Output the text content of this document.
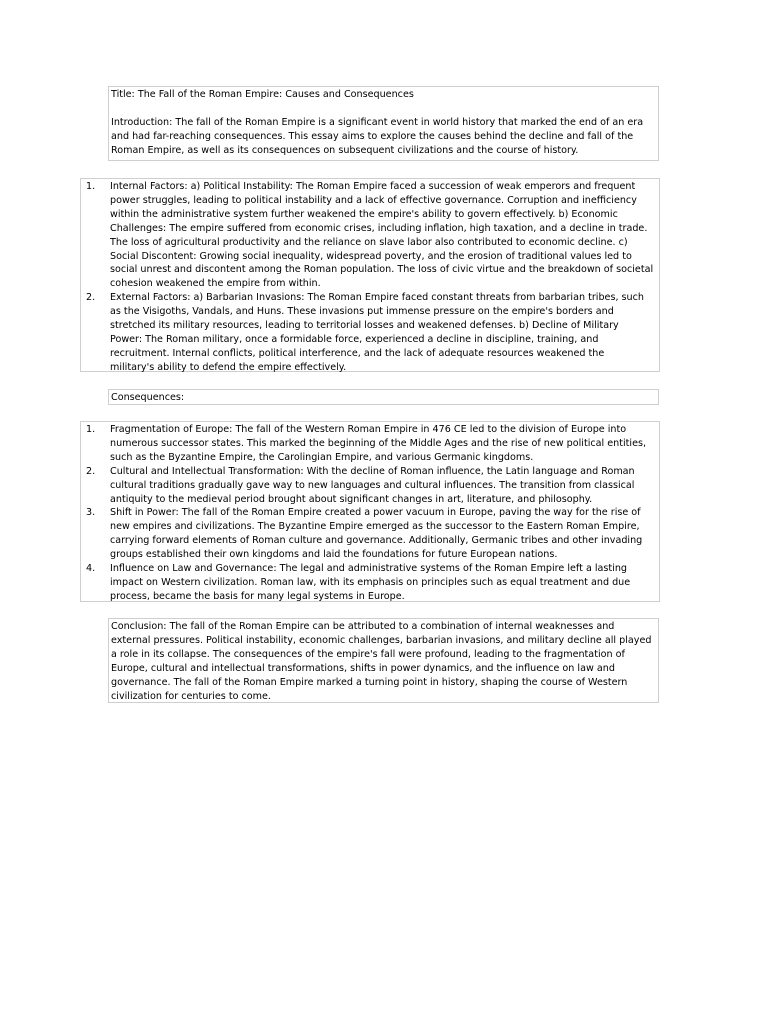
Title: The Fall of the Roman Empire: Causes and Consequences

Introduction: The fall of the Roman Empire is a significant event in world history that marked the end of an era and had far-reaching consequences. This essay aims to explore the causes behind the decline and fall of the Roman Empire, as well as its consequences on subsequent civilizations and the course of history.

1. Internal Factors: a) Political Instability: The Roman Empire faced a succession of weak emperors and frequent power struggles, leading to political instability and a lack of effective governance. Corruption and inefficiency within the administrative system further weakened the empire's ability to govern effectively. b) Economic Challenges: The empire suffered from economic crises, including inflation, high taxation, and a decline in trade. The loss of agricultural productivity and the reliance on slave labor also contributed to economic decline. c) Social Discontent: Growing social inequality, widespread poverty, and the erosion of traditional values led to social unrest and discontent among the Roman population. The loss of civic virtue and the breakdown of societal cohesion weakened the empire from within.

2. External Factors: a) Barbarian Invasions: The Roman Empire faced constant threats from barbarian tribes, such as the Visigoths, Vandals, and Huns. These invasions put immense pressure on the empire's borders and stretched its military resources, leading to territorial losses and weakened defenses. b) Decline of Military Power: The Roman military, once a formidable force, experienced a decline in discipline, training, and recruitment. Internal conflicts, political interference, and the lack of adequate resources weakened the military's ability to defend the empire effectively.

Consequences:

1. Fragmentation of Europe: The fall of the Western Roman Empire in 476 CE led to the division of Europe into numerous successor states. This marked the beginning of the Middle Ages and the rise of new political entities, such as the Byzantine Empire, the Carolingian Empire, and various Germanic kingdoms.

2. Cultural and Intellectual Transformation: With the decline of Roman influence, the Latin language and Roman cultural traditions gradually gave way to new languages and cultural influences. The transition from classical antiquity to the medieval period brought about significant changes in art, literature, and philosophy.

3. Shift in Power: The fall of the Roman Empire created a power vacuum in Europe, paving the way for the rise of new empires and civilizations. The Byzantine Empire emerged as the successor to the Eastern Roman Empire, carrying forward elements of Roman culture and governance. Additionally, Germanic tribes and other invading groups established their own kingdoms and laid the foundations for future European nations.

4. Influence on Law and Governance: The legal and administrative systems of the Roman Empire left a lasting impact on Western civilization. Roman law, with its emphasis on principles such as equal treatment and due process, became the basis for many legal systems in Europe.

Conclusion: The fall of the Roman Empire can be attributed to a combination of internal weaknesses and external pressures. Political instability, economic challenges, barbarian invasions, and military decline all played a role in its collapse. The consequences of the empire's fall were profound, leading to the fragmentation of Europe, cultural and intellectual transformations, shifts in power dynamics, and the influence on law and governance. The fall of the Roman Empire marked a turning point in history, shaping the course of Western civilization for centuries to come.
